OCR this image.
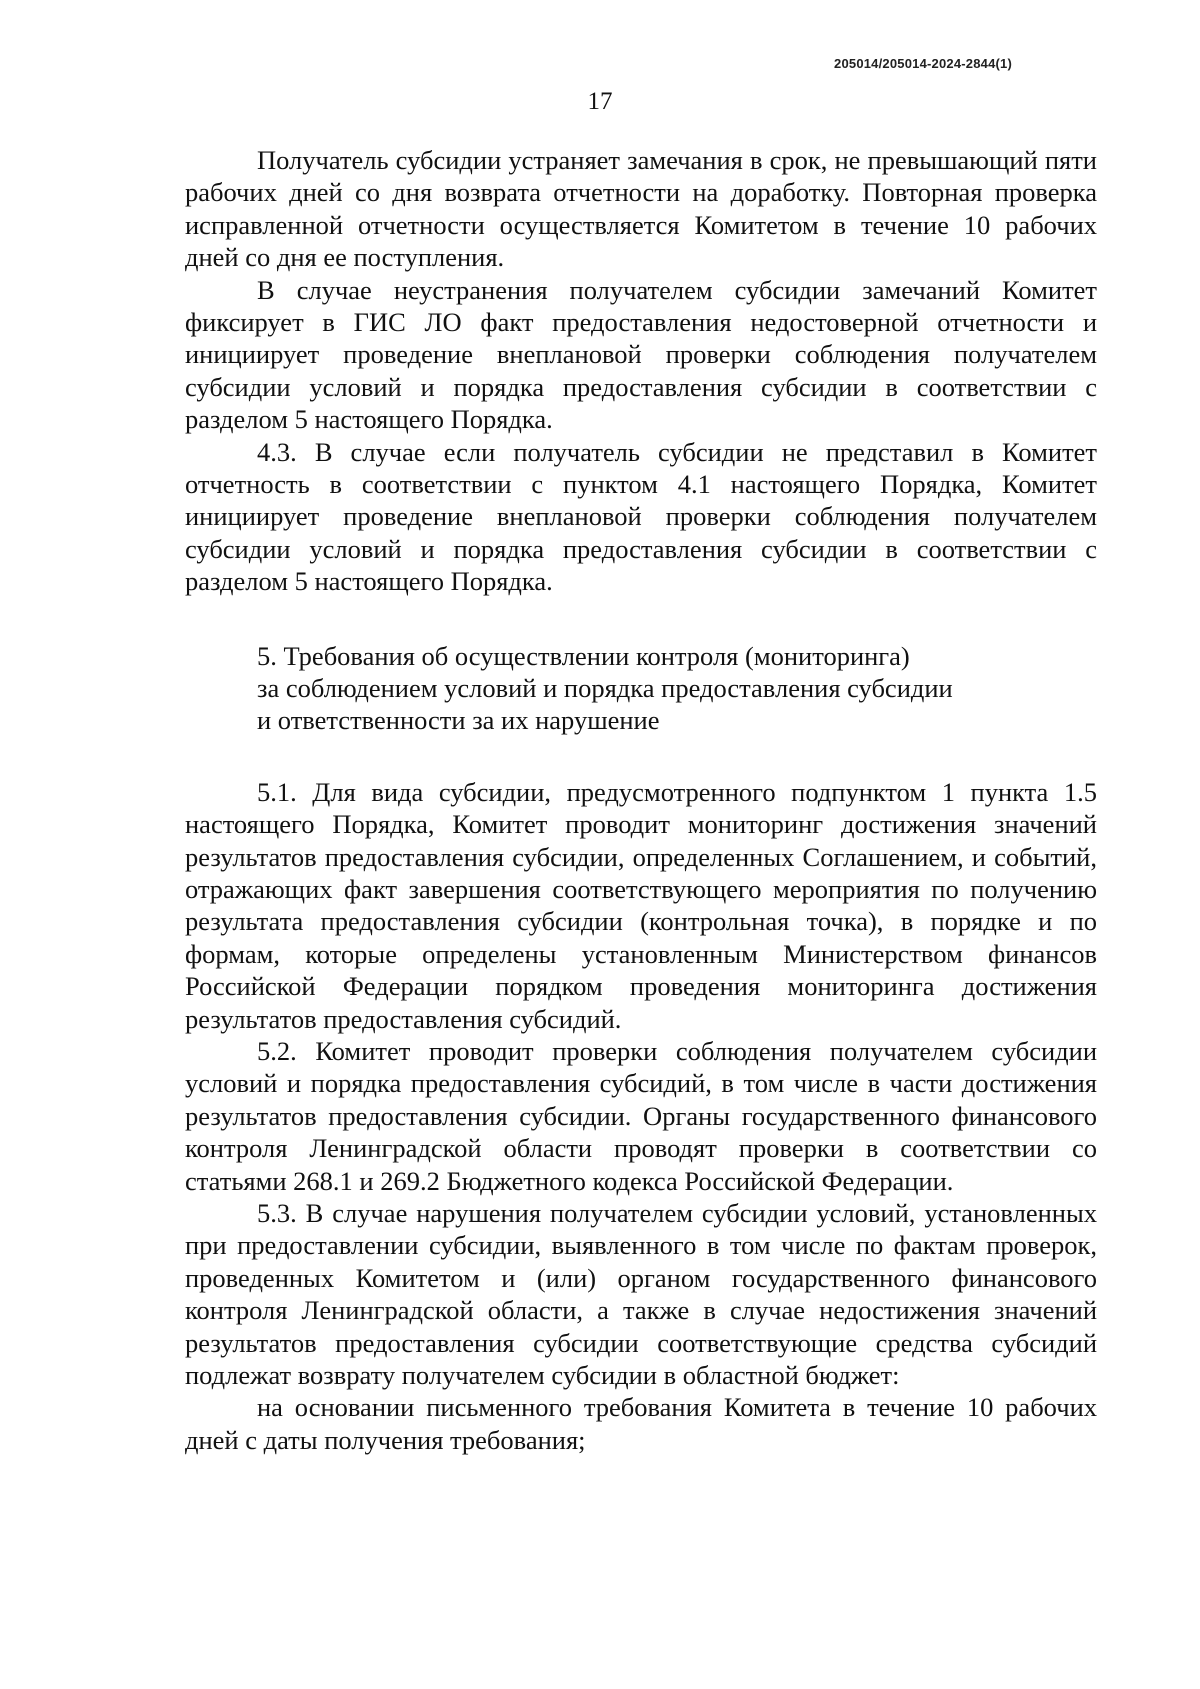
205014/205014-2024-2844(1)
17

Получатель субсидии устраняет замечания в срок, не превышающий пяти рабочих дней со дня возврата отчетности на доработку. Повторная проверка исправленной отчетности осуществляется Комитетом в течение 10 рабочих дней со дня ее поступления.

В случае неустранения получателем субсидии замечаний Комитет фиксирует в ГИС ЛО факт предоставления недостоверной отчетности и инициирует проведение внеплановой проверки соблюдения получателем субсидии условий и порядка предоставления субсидии в соответствии с разделом 5 настоящего Порядка.

4.3. В случае если получатель субсидии не представил в Комитет отчетность в соответствии с пунктом 4.1 настоящего Порядка, Комитет инициирует проведение внеплановой проверки соблюдения получателем субсидии условий и порядка предоставления субсидии в соответствии с разделом 5 настоящего Порядка.

5. Требования об осуществлении контроля (мониторинга)
за соблюдением условий и порядка предоставления субсидии
и ответственности за их нарушение

5.1. Для вида субсидии, предусмотренного подпунктом 1 пункта 1.5 настоящего Порядка, Комитет проводит мониторинг достижения значений результатов предоставления субсидии, определенных Соглашением, и событий, отражающих факт завершения соответствующего мероприятия по получению результата предоставления субсидии (контрольная точка), в порядке и по формам, которые определены установленным Министерством финансов Российской Федерации порядком проведения мониторинга достижения результатов предоставления субсидий.

5.2. Комитет проводит проверки соблюдения получателем субсидии условий и порядка предоставления субсидий, в том числе в части достижения результатов предоставления субсидии. Органы государственного финансового контроля Ленинградской области проводят проверки в соответствии со статьями 268.1 и 269.2 Бюджетного кодекса Российской Федерации.

5.3. В случае нарушения получателем субсидии условий, установленных при предоставлении субсидии, выявленного в том числе по фактам проверок, проведенных Комитетом и (или) органом государственного финансового контроля Ленинградской области, а также в случае недостижения значений результатов предоставления субсидии соответствующие средства субсидий подлежат возврату получателем субсидии в областной бюджет:

на основании письменного требования Комитета в течение 10 рабочих дней с даты получения требования;
